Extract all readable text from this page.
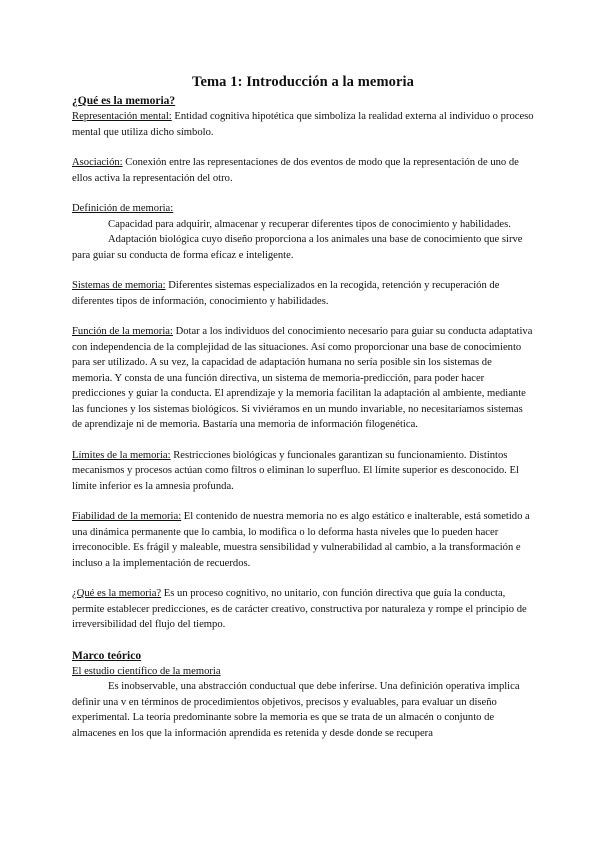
Tema 1: Introducción a la memoria

¿Qué es la memoria?

Representación mental: Entidad cognitiva hipotética que simboliza la realidad externa al individuo o proceso mental que utiliza dicho símbolo.

Asociación: Conexión entre las representaciones de dos eventos de modo que la representación de uno de ellos activa la representación del otro.

Definición de memoria:

Capacidad para adquirir, almacenar y recuperar diferentes tipos de conocimiento y habilidades.

Adaptación biológica cuyo diseño proporciona a los animales una base de conocimiento que sirve para guiar su conducta de forma eficaz e inteligente.

Sistemas de memoria: Diferentes sistemas especializados en la recogida, retención y recuperación de diferentes tipos de información, conocimiento y habilidades.

Función de la memoria: Dotar a los individuos del conocimiento necesario para guiar su conducta adaptativa con independencia de la complejidad de las situaciones. Así como proporcionar una base de conocimiento para ser utilizado. A su vez, la capacidad de adaptación humana no sería posible sin los sistemas de memoria. Y consta de una función directiva, un sistema de memoria-predicción, para poder hacer predicciones y guiar la conducta. El aprendizaje y la memoria facilitan la adaptación al ambiente, mediante las funciones y los sistemas biológicos. Si viviéramos en un mundo invariable, no necesitaríamos sistemas de aprendizaje ni de memoria. Bastaría una memoria de información filogenética.

Límites de la memoria: Restricciones biológicas y funcionales garantizan su funcionamiento. Distintos mecanismos y procesos actúan como filtros o eliminan lo superfluo. El límite superior es desconocido. El límite inferior es la amnesia profunda.

Fiabilidad de la memoria: El contenido de nuestra memoria no es algo estático e inalterable, está sometido a una dinámica permanente que lo cambia, lo modifica o lo deforma hasta niveles que lo pueden hacer irreconocible. Es frágil y maleable, muestra sensibilidad y vulnerabilidad al cambio, a la transformación e incluso a la implementación de recuerdos.

¿Qué es la memoria? Es un proceso cognitivo, no unitario, con función directiva que guía la conducta, permite establecer predicciones, es de carácter creativo, constructiva por naturaleza y rompe el principio de irreversibilidad del flujo del tiempo.

Marco teórico

El estudio científico de la memoria

Es inobservable, una abstracción conductual que debe inferirse. Una definición operativa implica definir una v en términos de procedimientos objetivos, precisos y evaluables, para evaluar un diseño experimental. La teoría predominante sobre la memoria es que se trata de un almacén o conjunto de almacenes en los que la información aprendida es retenida y desde donde se recupera
